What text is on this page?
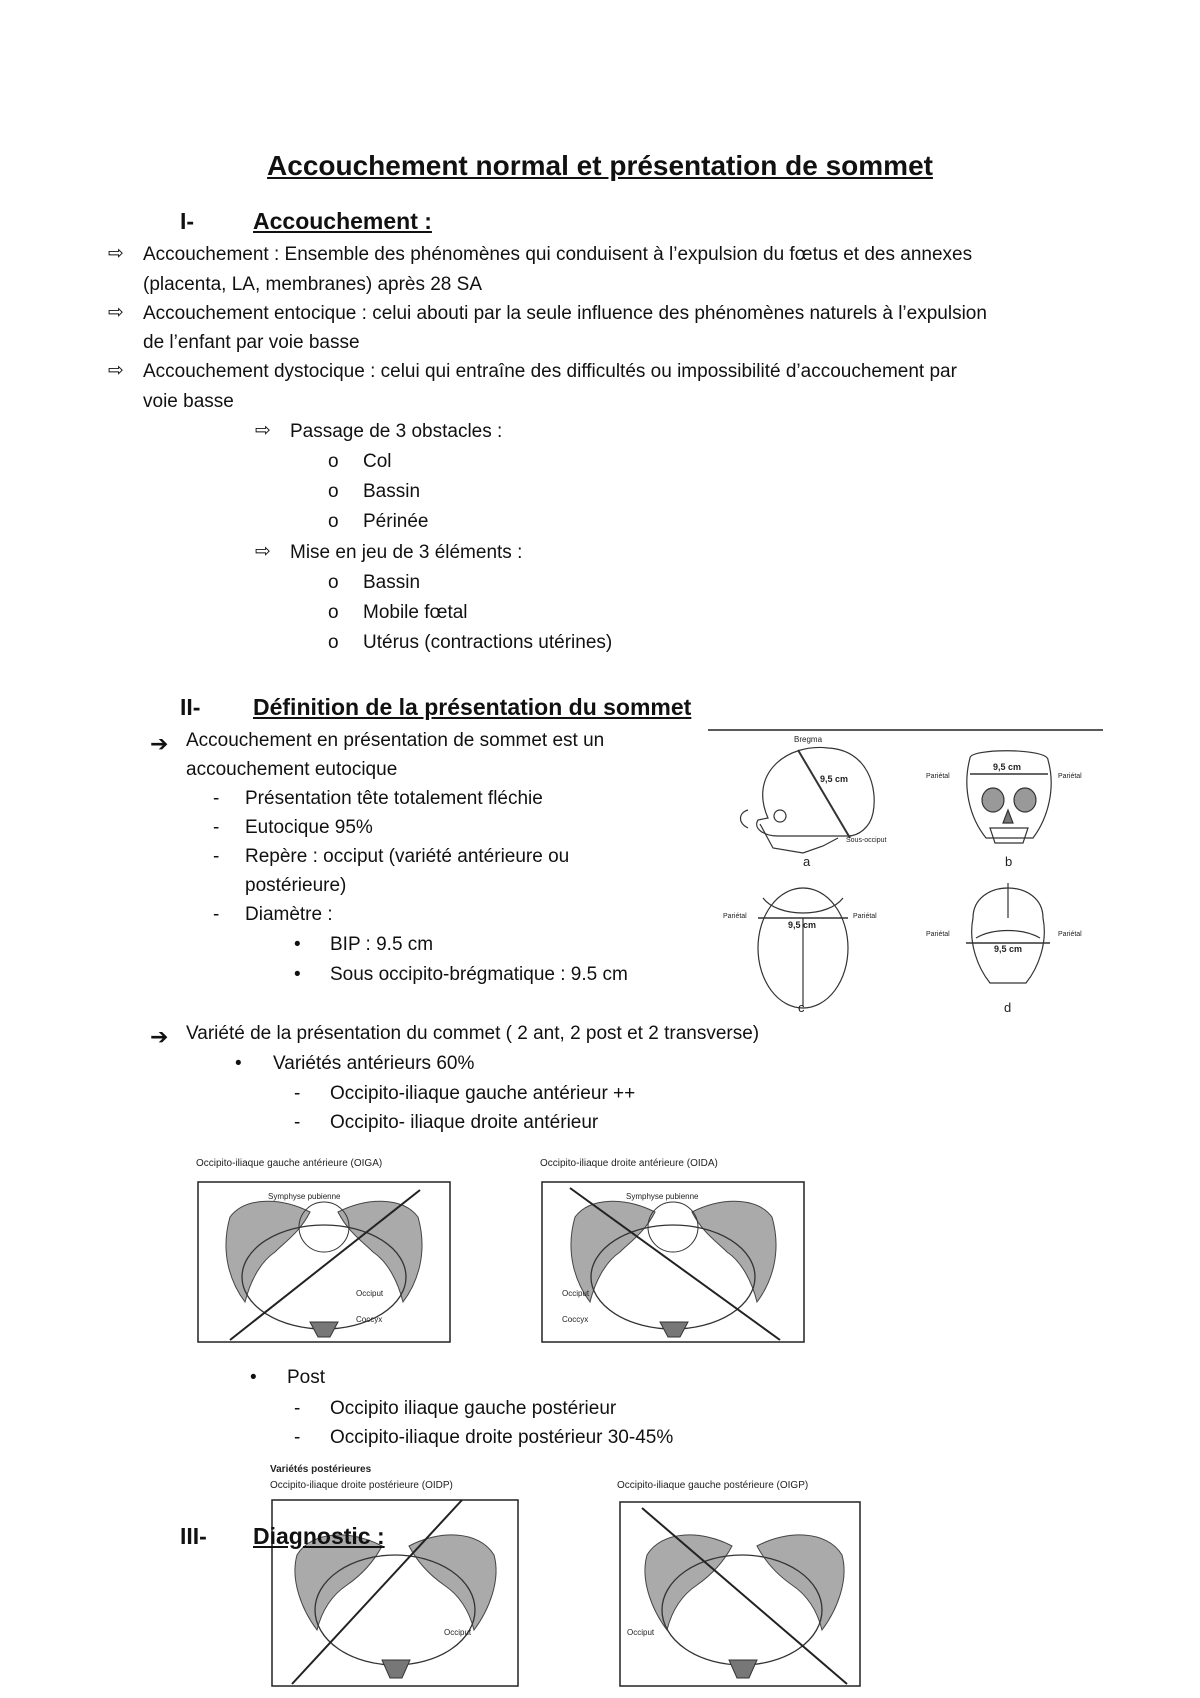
Accouchement normal et présentation de sommet
I-	Accouchement :
⇨ Accouchement : Ensemble des phénomènes qui conduisent à l’expulsion du fœtus et des annexes
(placenta, LA, membranes) après 28 SA
⇨ Accouchement entocique : celui abouti par la seule influence des phénomènes naturels à l’expulsion
de l’enfant par voie basse
⇨ Accouchement dystocique : celui qui entraîne des difficultés ou impossibilité d’accouchement par
voie basse
⇨ Passage de 3 obstacles :
o Col
o Bassin
o Périnée
⇨ Mise en jeu de 3 éléments :
o Bassin
o Mobile fœtal
o Utérus (contractions utérines)
II- Définition de la présentation du sommet
➔ Accouchement en présentation de sommet est un
accouchement eutocique
- Présentation tête totalement fléchie
- Eutocique 95%
- Repère : occiput (variété antérieure ou
postérieure)
- Diamètre :
• BIP : 9.5 cm
• Sous occipito-brégmatique : 9.5 cm
➔ Variété de la présentation du commet ( 2 ant, 2 post et 2 transverse)
• Variétés antérieurs 60%
- Occipito-iliaque gauche antérieur ++
- Occipito- iliaque droite antérieur
• Post
- Occipito iliaque gauche postérieur
- Occipito-iliaque droite postérieur 30-45%
Bregma
9,5 cm
Sous-occiput
a
Pariétal	Pariétal
9,5 cm
b
Pariétal	Pariétal
9,5 cm
c
Pariétal	Pariétal
9,5 cm
d
Occipito-iliaque gauche antérieure (OIGA)
Symphyse pubienne
Occiput
Coccyx
Occipito-iliaque droite antérieure (OIDA)
Symphyse pubienne
Occiput
Coccyx
Variétés postérieures
Occipito-iliaque droite postérieure (OIDP)	Occipito-iliaque gauche postérieure (OIGP)
Occiput	Occiput
III- Diagnostic :
